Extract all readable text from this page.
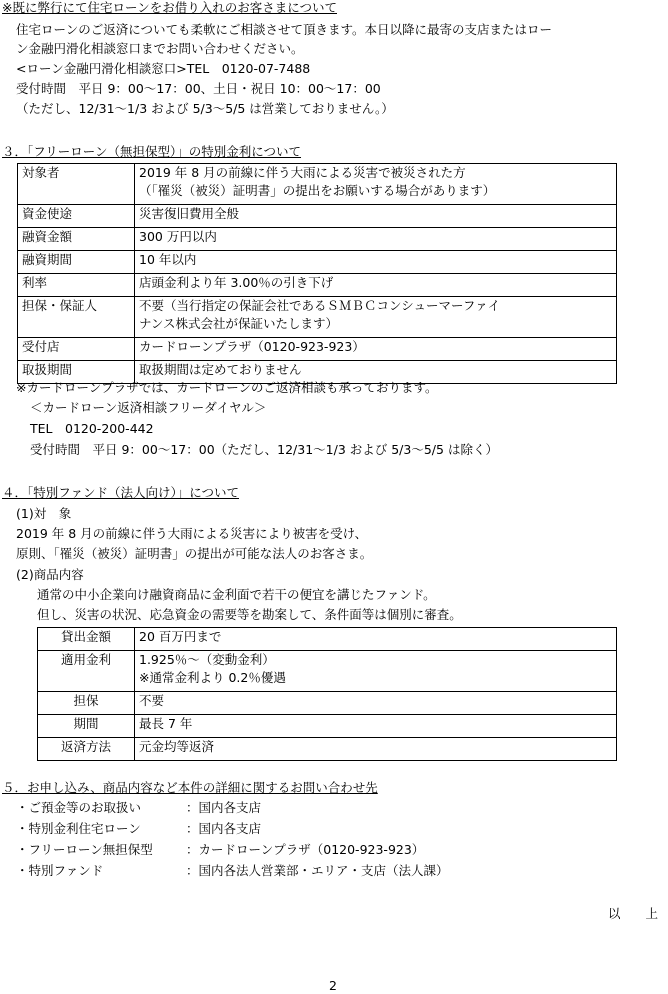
※既に弊行にて住宅ローンをお借り入れのお客さまについて
住宅ローンのご返済についても柔軟にご相談させて頂きます。本日以降に最寄の支店またはロー
ン金融円滑化相談窓口までお問い合わせください。
<ローン金融円滑化相談窓口>TEL　0120-07-7488
受付時間　平日 9：00～17：00、土日・祝日 10：00～17：00
（ただし、12/31～1/3 および 5/3～5/5 は営業しておりません。）
３．「フリーローン（無担保型）」の特別金利について
対象者	2019 年 8 月の前線に伴う大雨による災害で被災された方
（「罹災（被災）証明書」の提出をお願いする場合があります）

資金使途	災害復旧費用全般
融資金額	300 万円以内
融資期間	10 年以内
利率	店頭金利より年 3.00％の引き下げ
担保・保証人	不要（当行指定の保証会社であるＳＭＢＣコンシューマーファイ
ナンス株式会社が保証いたします）

受付店	カードローンプラザ（0120-923-923）
取扱期間	取扱期間は定めておりません
※カードローンプラザでは、カードローンのご返済相談も承っております。
＜カードローン返済相談フリーダイヤル＞
TEL　0120-200-442
受付時間　平日 9：00～17：00（ただし、12/31～1/3 および 5/3～5/5 は除く）
４．「特別ファンド（法人向け）」について
(1)対　象
2019 年 8 月の前線に伴う大雨による災害により被害を受け、
原則、「罹災（被災）証明書」の提出が可能な法人のお客さま。
(2)商品内容
通常の中小企業向け融資商品に金利面で若干の便宜を講じたファンド。
但し、災害の状況、応急資金の需要等を勘案して、条件面等は個別に審査。
貸出金額	20 百万円まで
適用金利	1.925％～（変動金利）
※通常金利より 0.2％優遇

担保	不要
期間	最長 7 年
返済方法	元金均等返済
５．お申し込み、商品内容など本件の詳細に関するお問い合わせ先
・ご預金等のお取扱い	：国内各支店
・特別金利住宅ローン	：国内各支店
・フリーローン無担保型	：カードローンプラザ（0120-923-923）
・特別ファンド	：国内各法人営業部・エリア・支店（法人課）
以　　上
2
